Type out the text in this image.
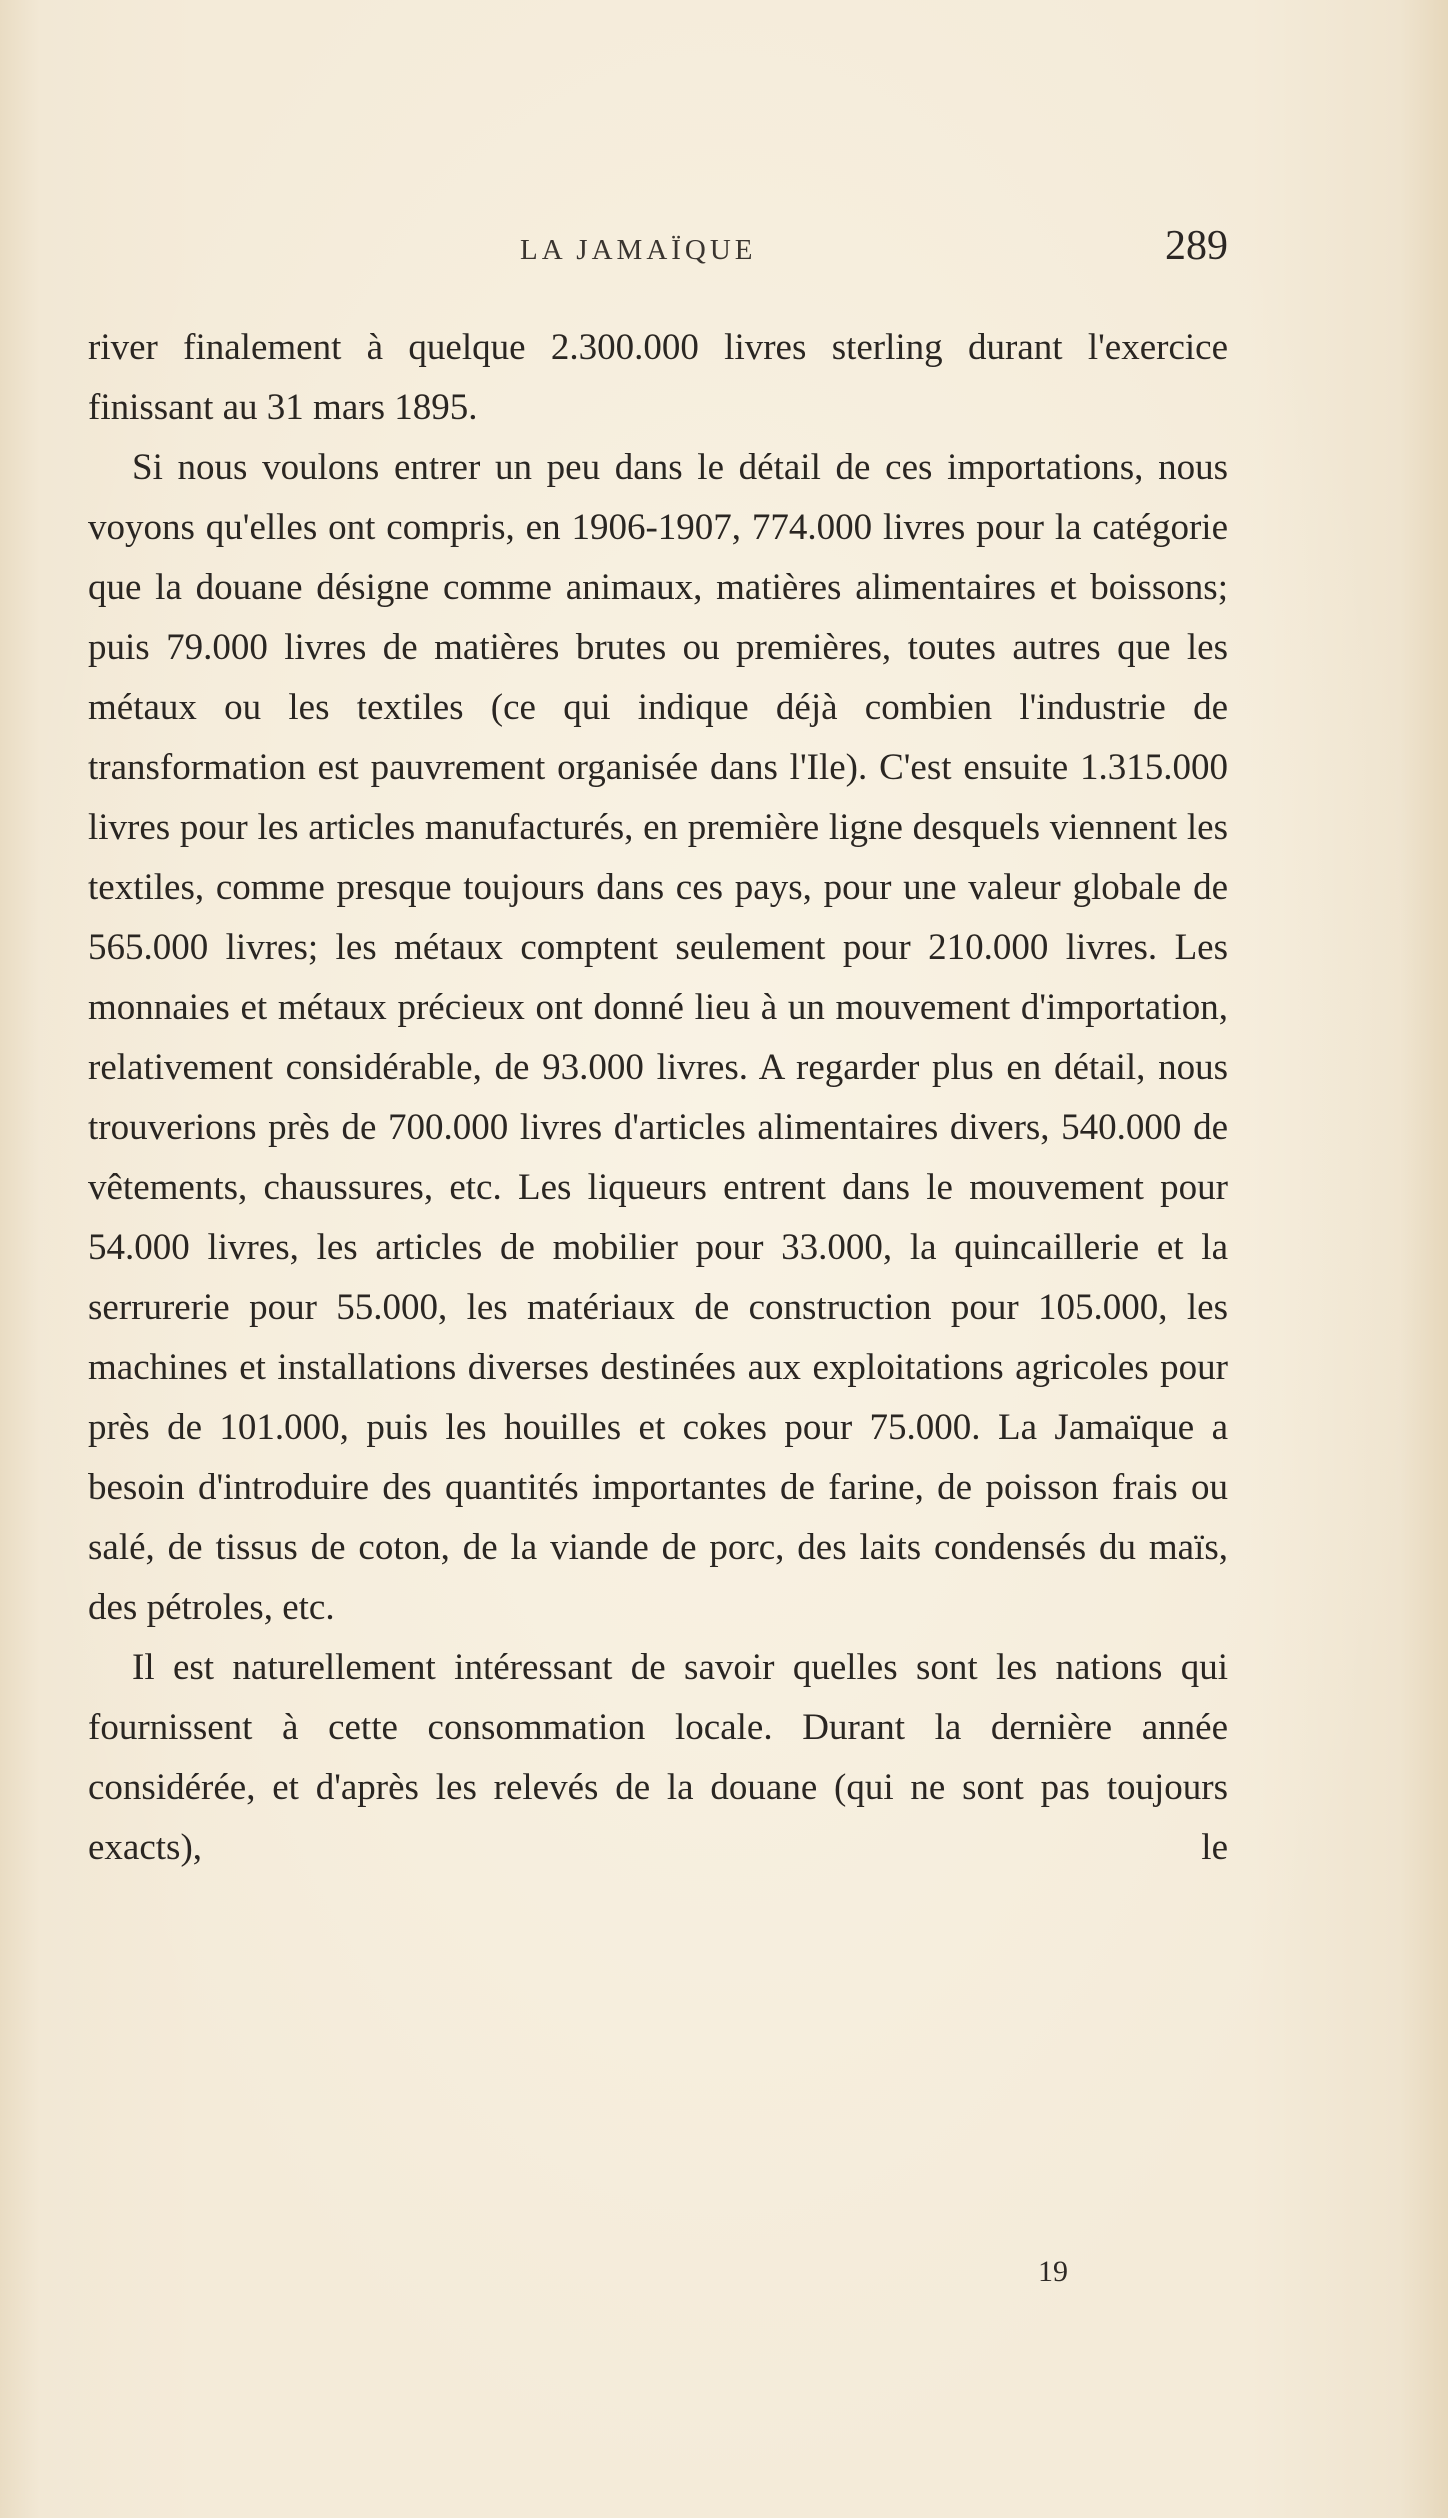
LA JAMAÏQUE	289

river finalement à quelque 2.300.000 livres sterling durant l'exercice finissant au 31 mars 1895.

Si nous voulons entrer un peu dans le détail de ces importations, nous voyons qu'elles ont compris, en 1906-1907, 774.000 livres pour la catégorie que la douane désigne comme animaux, matières alimentaires et boissons; puis 79.000 livres de matières brutes ou premières, toutes autres que les métaux ou les textiles (ce qui indique déjà combien l'industrie de transformation est pauvrement organisée dans l'Ile). C'est ensuite 1.315.000 livres pour les articles manufacturés, en première ligne desquels viennent les textiles, comme presque toujours dans ces pays, pour une valeur globale de 565.000 livres; les métaux comptent seulement pour 210.000 livres. Les monnaies et métaux précieux ont donné lieu à un mouvement d'importation, relativement considérable, de 93.000 livres. A regarder plus en détail, nous trouverions près de 700.000 livres d'articles alimentaires divers, 540.000 de vêtements, chaussures, etc. Les liqueurs entrent dans le mouvement pour 54.000 livres, les articles de mobilier pour 33.000, la quincaillerie et la serrurerie pour 55.000, les matériaux de construction pour 105.000, les machines et installations diverses destinées aux exploitations agricoles pour près de 101.000, puis les houilles et cokes pour 75.000. La Jamaïque a besoin d'introduire des quantités importantes de farine, de poisson frais ou salé, de tissus de coton, de la viande de porc, des laits condensés du maïs, des pétroles, etc.

Il est naturellement intéressant de savoir quelles sont les nations qui fournissent à cette consommation locale. Durant la dernière année considérée, et d'après les relevés de la douane (qui ne sont pas toujours exacts), le

19
